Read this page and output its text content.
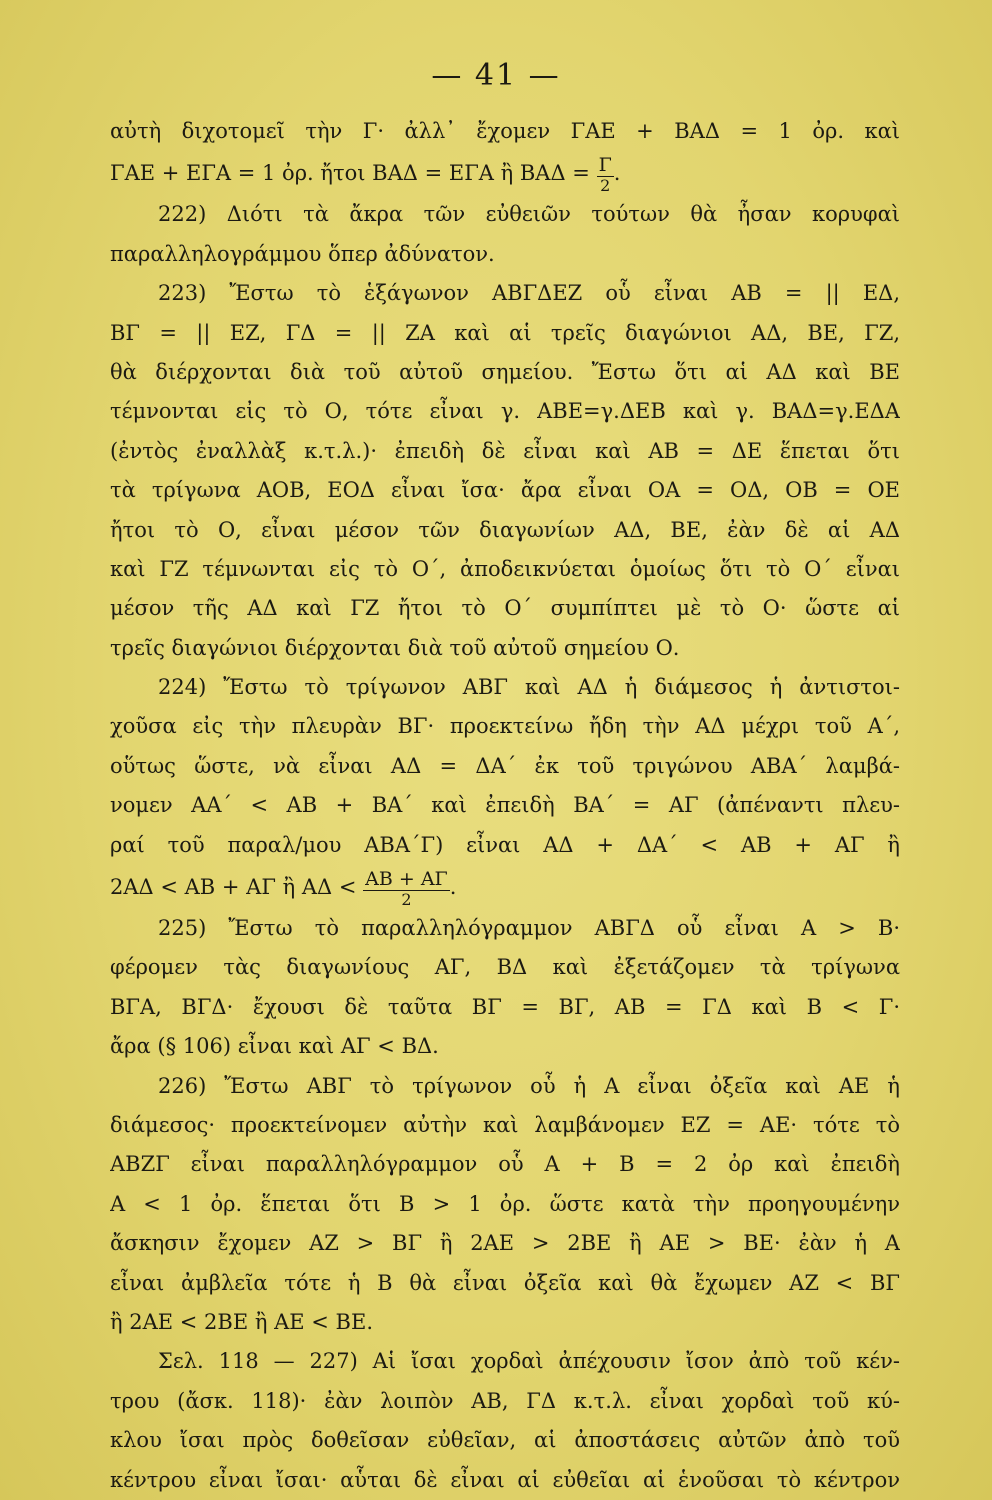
— 41 —
αὐτὴ διχοτομεῖ τὴν Γ· ἀλλ᾽ ἔχομεν ΓΑΕ + ΒΑΔ = 1 ὀρ. καὶ
ΓΑΕ + ΕΓΑ = 1 ὀρ. ἤτοι ΒΑΔ = ΕΓΑ ἢ $BA\Delta = \frac{\Gamma}{2}$ .
222) Διότι τὰ ἄκρα τῶν εὐθειῶν τούτων θὰ ἦσαν κορυφαὶ
παραλληλογράμμου ὅπερ ἀδύνατον.
223) Ἔστω τὸ ἑξάγωνον ΑΒΓΔΕΖ οὗ εἶναι ΑΒ = || ΕΔ,
ΒΓ = || ΕΖ, ΓΔ = || ΖΑ καὶ αἱ τρεῖς διαγώνιοι ΑΔ, ΒΕ, ΓΖ,
θὰ διέρχονται διὰ τοῦ αὐτοῦ σημείου. Ἔστω ὅτι αἱ ΑΔ καὶ ΒΕ
τέμνονται εἰς τὸ Ο, τότε εἶναι γ. ΑΒΕ=γ.ΔΕΒ καὶ γ. ΒΑΔ=γ.ΕΔΑ
(ἐντὸς ἐναλλὰξ κ.τ.λ.)· ἐπειδὴ δὲ εἶναι καὶ ΑΒ = ΔΕ ἕπεται ὅτι
τὰ τρίγωνα ΑΟΒ, ΕΟΔ εἶναι ἴσα· ἄρα εἶναι ΟΑ = ΟΔ, ΟΒ = ΟΕ
ἤτοι τὸ Ο, εἶναι μέσον τῶν διαγωνίων ΑΔ, ΒΕ, ἐὰν δὲ αἱ ΑΔ
καὶ ΓΖ τέμνωνται εἰς τὸ Ο΄, ἀποδεικνύεται ὁμοίως ὅτι τὸ Ο΄ εἶναι
μέσον τῆς ΑΔ καὶ ΓΖ ἤτοι τὸ Ο΄ συμπίπτει μὲ τὸ Ο· ὥστε αἱ
τρεῖς διαγώνιοι διέρχονται διὰ τοῦ αὐτοῦ σημείου Ο.
224) Ἔστω τὸ τρίγωνον ΑΒΓ καὶ ΑΔ ἡ διάμεσος ἡ ἀντιστοι-
χοῦσα εἰς τὴν πλευρὰν ΒΓ· προεκτείνω ἤδη τὴν ΑΔ μέχρι τοῦ Α΄,
οὕτως ὥστε, νὰ εἶναι ΑΔ = ΔΑ΄ ἐκ τοῦ τριγώνου ΑΒΑ΄ λαμβά-
νομεν ΑΑ΄ < ΑΒ + ΒΑ΄ καὶ ἐπειδὴ ΒΑ΄ = ΑΓ (ἀπέναντι πλευ-
ραί τοῦ παραλ/μου ΑΒΑ΄Γ) εἶναι ΑΔ + ΔΑ΄ < ΑΒ + ΑΓ ἢ
2ΑΔ < ΑΒ + ΑΓ ἢ $A\Delta < \frac{AB + A\Gamma}{2}$ .
225) Ἔστω τὸ παραλληλόγραμμον ΑΒΓΔ οὗ εἶναι Α > Β·
φέρομεν τὰς διαγωνίους ΑΓ, ΒΔ καὶ ἐξετάζομεν τὰ τρίγωνα
ΒΓΑ, ΒΓΔ· ἔχουσι δὲ ταῦτα ΒΓ = ΒΓ, ΑΒ = ΓΔ καὶ Β < Γ·
ἄρα (§ 106) εἶναι καὶ ΑΓ < ΒΔ.
226) Ἔστω ΑΒΓ τὸ τρίγωνον οὗ ἡ Α εἶναι ὀξεῖα καὶ ΑΕ ἡ
διάμεσος· προεκτείνομεν αὐτὴν καὶ λαμβάνομεν ΕΖ = ΑΕ· τότε τὸ
ΑΒΖΓ εἶναι παραλληλόγραμμον οὗ Α + Β = 2 ὀρ καὶ ἐπειδὴ
Α < 1 ὀρ. ἕπεται ὅτι Β > 1 ὀρ. ὥστε κατὰ τὴν προηγουμένην
ἄσκησιν ἔχομεν ΑΖ > ΒΓ ἢ 2ΑΕ > 2ΒΕ ἢ ΑΕ > ΒΕ· ἐὰν ἡ Α
εἶναι ἀμβλεῖα τότε ἡ Β θὰ εἶναι ὀξεῖα καὶ θὰ ἔχωμεν ΑΖ < ΒΓ
ἢ 2ΑΕ < 2ΒΕ ἢ ΑΕ < ΒΕ.
Σελ. 118 — 227) Αἱ ἴσαι χορδαὶ ἀπέχουσιν ἴσον ἀπὸ τοῦ κέν-
τρου (ἄσκ. 118)· ἐὰν λοιπὸν ΑΒ, ΓΔ κ.τ.λ. εἶναι χορδαὶ τοῦ κύ-
κλου ἴσαι πρὸς δοθεῖσαν εὐθεῖαν, αἱ ἀποστάσεις αὐτῶν ἀπὸ τοῦ
κέντρου εἶναι ἴσαι· αὗται δὲ εἶναι αἱ εὐθεῖαι αἱ ἑνοῦσαι τὸ κέντρον
